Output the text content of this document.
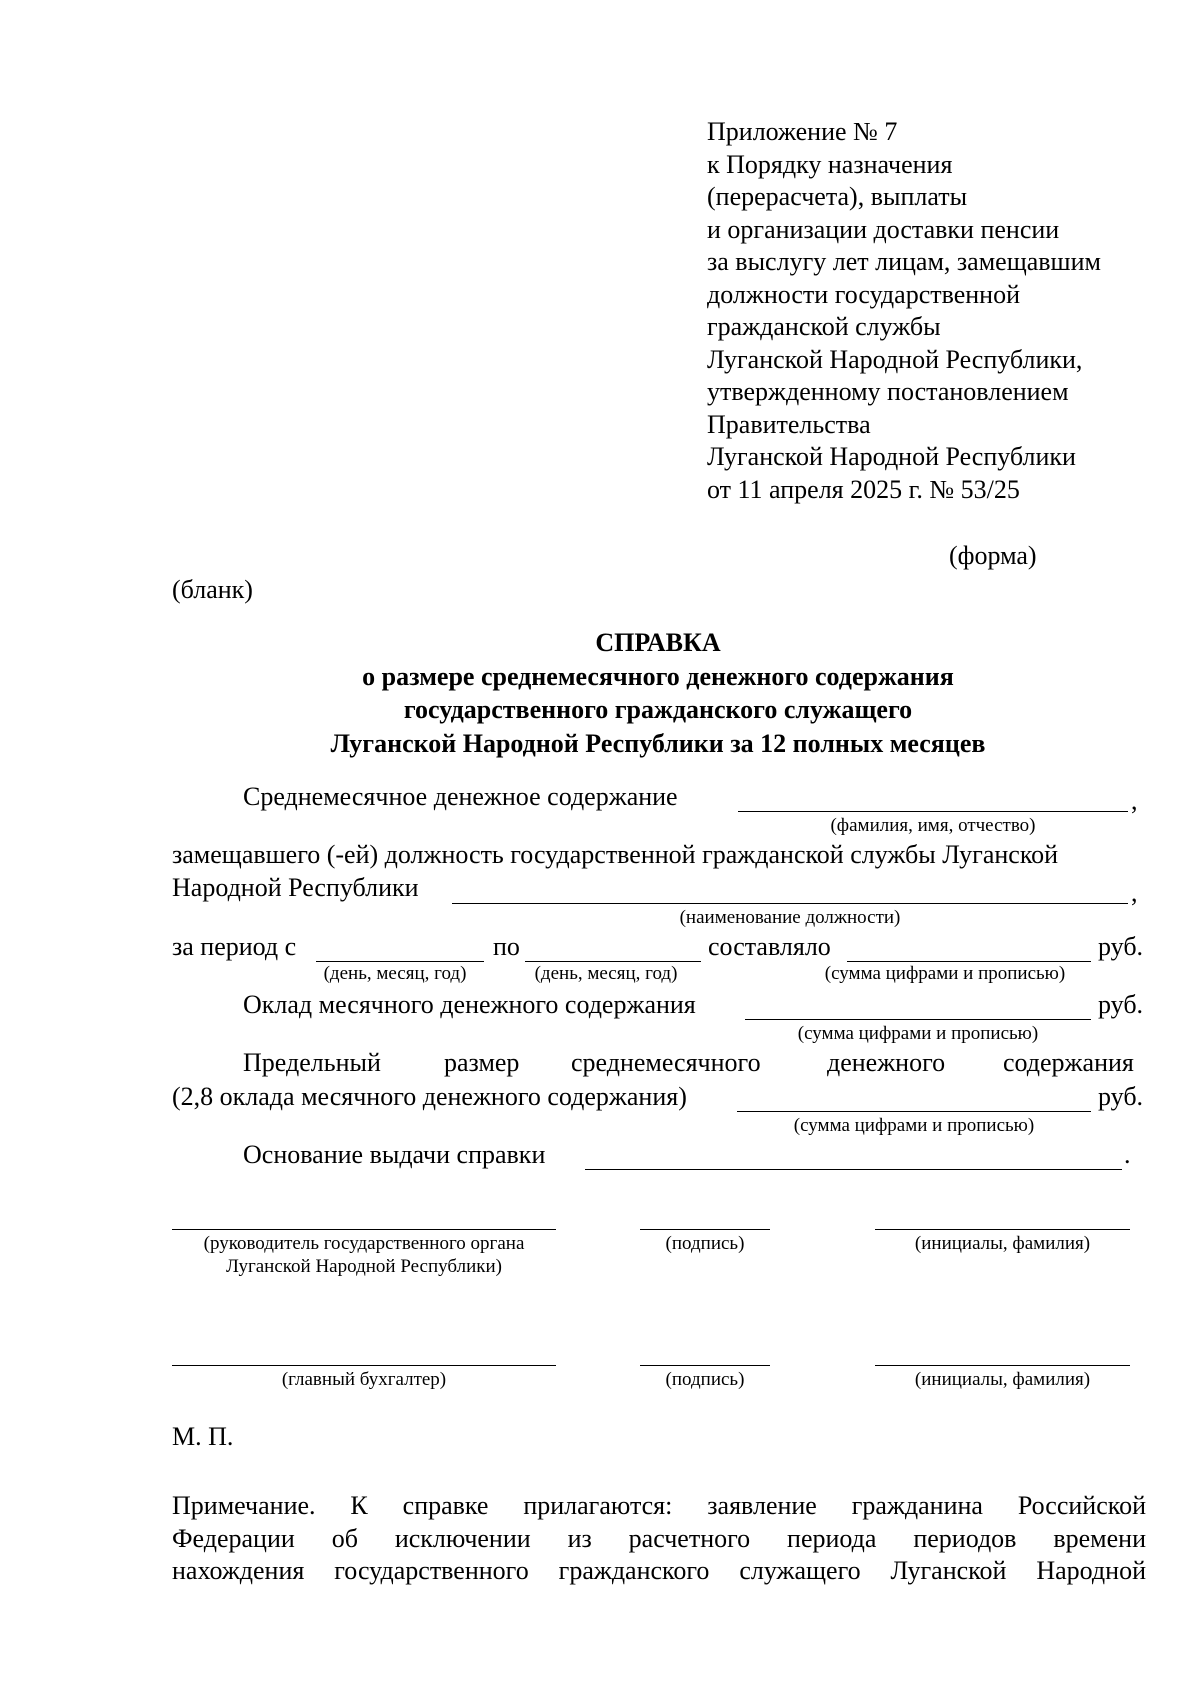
Приложение № 7
к Порядку назначения
(перерасчета), выплаты
и организации доставки пенсии
за выслугу лет лицам, замещавшим
должности государственной
гражданской службы
Луганской Народной Республики,
утвержденному постановлением
Правительства
Луганской Народной Республики
от 11 апреля 2025 г. № 53/25
(форма)
(бланк)
СПРАВКА
о размере среднемесячного денежного содержания
государственного гражданского служащего
Луганской Народной Республики за 12 полных месяцев
Среднемесячное денежное содержание	,
(фамилия, имя, отчество)
замещавшего (-ей) должность государственной гражданской службы Луганской
Народной Республики	,
(наименование должности)
за период с	по	составляло	руб.
(день, месяц, год)	(день, месяц, год)	(сумма цифрами и прописью)
Оклад месячного денежного содержания	руб.
(сумма цифрами и прописью)
Предельный размер среднемесячного	денежного содержания
(2,8 оклада месячного денежного содержания)	руб.
(сумма цифрами и прописью)
Основание выдачи справки	.
(руководитель государственного органа
Луганской Народной Республики)
(подпись)	(инициалы, фамилия)
(главный бухгалтер)	(подпись)	(инициалы, фамилия)
М. П.
Примечание. К справке прилагаются: заявление гражданина Российской
Федерации об исключении из расчетного периода периодов времени
нахождения государственного гражданского служащего Луганской Народной
